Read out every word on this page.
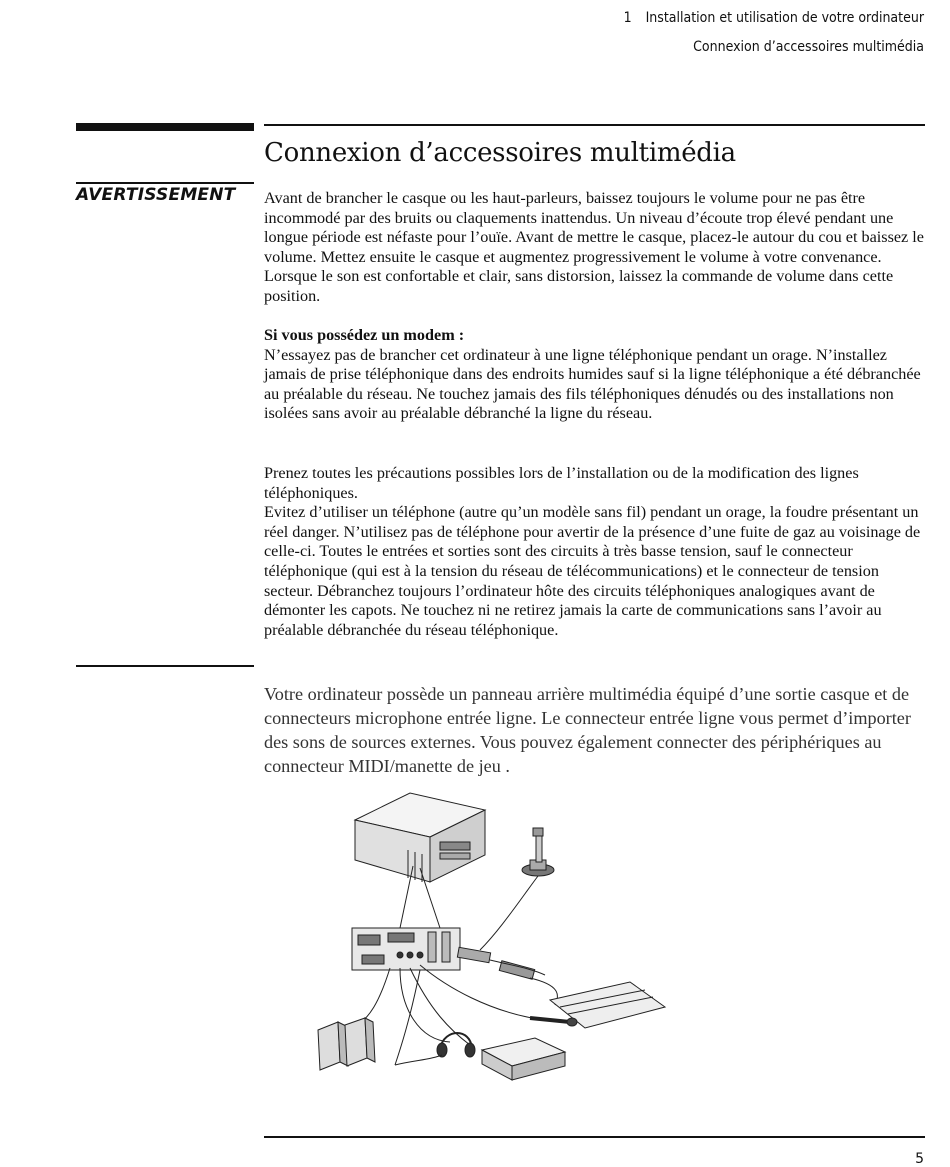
1 Installation et utilisation de votre ordinateur
Connexion d’accessoires multimédia
Connexion d’accessoires multimédia
AVERTISSEMENT Avant de brancher le casque ou les haut-parleurs, baissez toujours le volume pour ne pas être incommodé par des bruits ou claquements inattendus. Un niveau d’écoute trop élevé pendant une longue période est néfaste pour l’ouïe. Avant de mettre le casque, placez-le autour du cou et baissez le volume. Mettez ensuite le casque et augmentez progressivement le volume à votre convenance. Lorsque le son est confortable et clair, sans distorsion, laissez la commande de volume dans cette position.

Si vous possédez un modem :

N’essayez pas de brancher cet ordinateur à une ligne téléphonique pendant un orage. N’installez jamais de prise téléphonique dans des endroits humides sauf si la ligne téléphonique a été débranchée au préalable du réseau. Ne touchez jamais des fils téléphoniques dénudés ou des installations non isolées sans avoir au préalable débranché la ligne du réseau.

Prenez toutes les précautions possibles lors de l’installation ou de la modification des lignes téléphoniques.

Evitez d’utiliser un téléphone (autre qu’un modèle sans fil) pendant un orage, la foudre présentant un réel danger. N’utilisez pas de téléphone pour avertir de la présence d’une fuite de gaz au voisinage de celle-ci. Toutes le entrées et sorties sont des circuits à très basse tension, sauf le connecteur téléphonique (qui est à la tension du réseau de télécommunications) et le connecteur de tension secteur. Débranchez toujours l’ordinateur hôte des circuits téléphoniques analogiques avant de démonter les capots. Ne touchez ni ne retirez jamais la carte de communications sans l’avoir au préalable débranchée du réseau téléphonique.

Votre ordinateur possède un panneau arrière multimédia équipé d’une sortie casque et de connecteurs microphone entrée ligne. Le connecteur entrée ligne vous permet d’importer des sons de sources externes. Vous pouvez également connecter des périphériques au connecteur MIDI/manette de jeu .

5
